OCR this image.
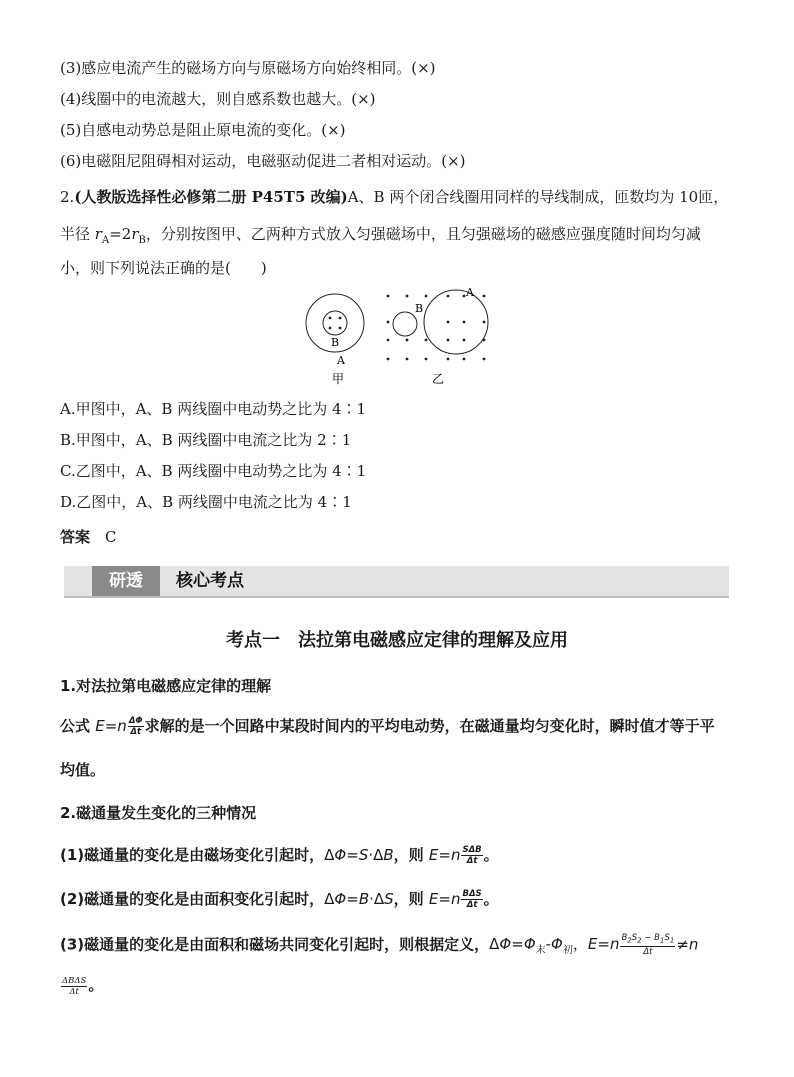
(3)感应电流产生的磁场方向与原磁场方向始终相同。(×)
(4)线圈中的电流越大，则自感系数也越大。(×)
(5)自感电动势总是阻止原电流的变化。(×)
(6)电磁阻尼阻碍相对运动，电磁驱动促进二者相对运动。(×)
2.(人教版选择性必修第二册 P45T5 改编)A、B 两个闭合线圈用同样的导线制成，匝数均为 10匝，
半径 $r_A=2r_B$，分别按图甲、乙两种方式放入匀强磁场中，且匀强磁场的磁感应强度随时间均匀减
小，则下列说法正确的是(　　)
B
A
甲
B
A
乙
A.甲图中，A、B 两线圈中电动势之比为 4∶1
B.甲图中，A、B 两线圈中电流之比为 2∶1
C.乙图中，A、B 两线圈中电动势之比为 4∶1
D.乙图中，A、B 两线圈中电流之比为 4∶1
答案　 C
研透	核心考点
考点一　法拉第电磁感应定律的理解及应用
1.对法拉第电磁感应定律的理解
公式 $E=n \frac{\Delta\Phi}{\Delta t}$ 求解的是一个回路中某段时间内的平均电动势，在磁通量均匀变化时，瞬时值才等于平
均值。
2.磁通量发生变化的三种情况
(1)磁通量的变化是由磁场变化引起时，ΔΦ=S·ΔB，则 $E=n \frac{\text{SΔB}}{\Delta t}$ 。
(2)磁通量的变化是由面积变化引起时，ΔΦ=B·ΔS，则 $E=n \frac{\text{BΔS}}{\Delta t}$ 。
(3)磁通量的变化是由面积和磁场共同变化引起时，则根据定义，$\Delta\Phi=\Phi_末-\Phi_初$，$E=n \frac{B_2S_2 - B_1S_1}{\Delta t} \ne n$
$\frac{\text{ΔBΔS}}{\Delta t}$ 。
